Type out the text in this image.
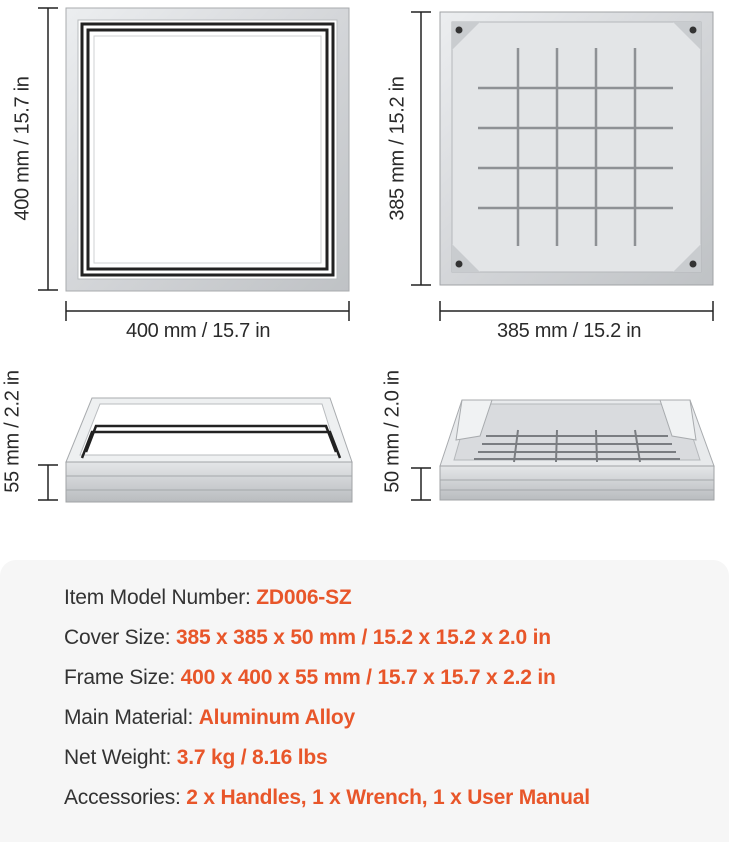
400 mm / 15.7 in
400 mm / 15.7 in
385 mm / 15.2 in
385 mm / 15.2 in
55 mm / 2.2 in	50 mm / 2.0 in
Item Model Number: ZD006-SZ
Cover Size: 385 x 385 x 50 mm / 15.2 x 15.2 x 2.0 in
Frame Size: 400 x 400 x 55 mm / 15.7 x 15.7 x 2.2 in
Main Material: Aluminum Alloy
Net Weight: 3.7 kg / 8.16 lbs
Accessories: 2 x Handles, 1 x Wrench, 1 x User Manual
